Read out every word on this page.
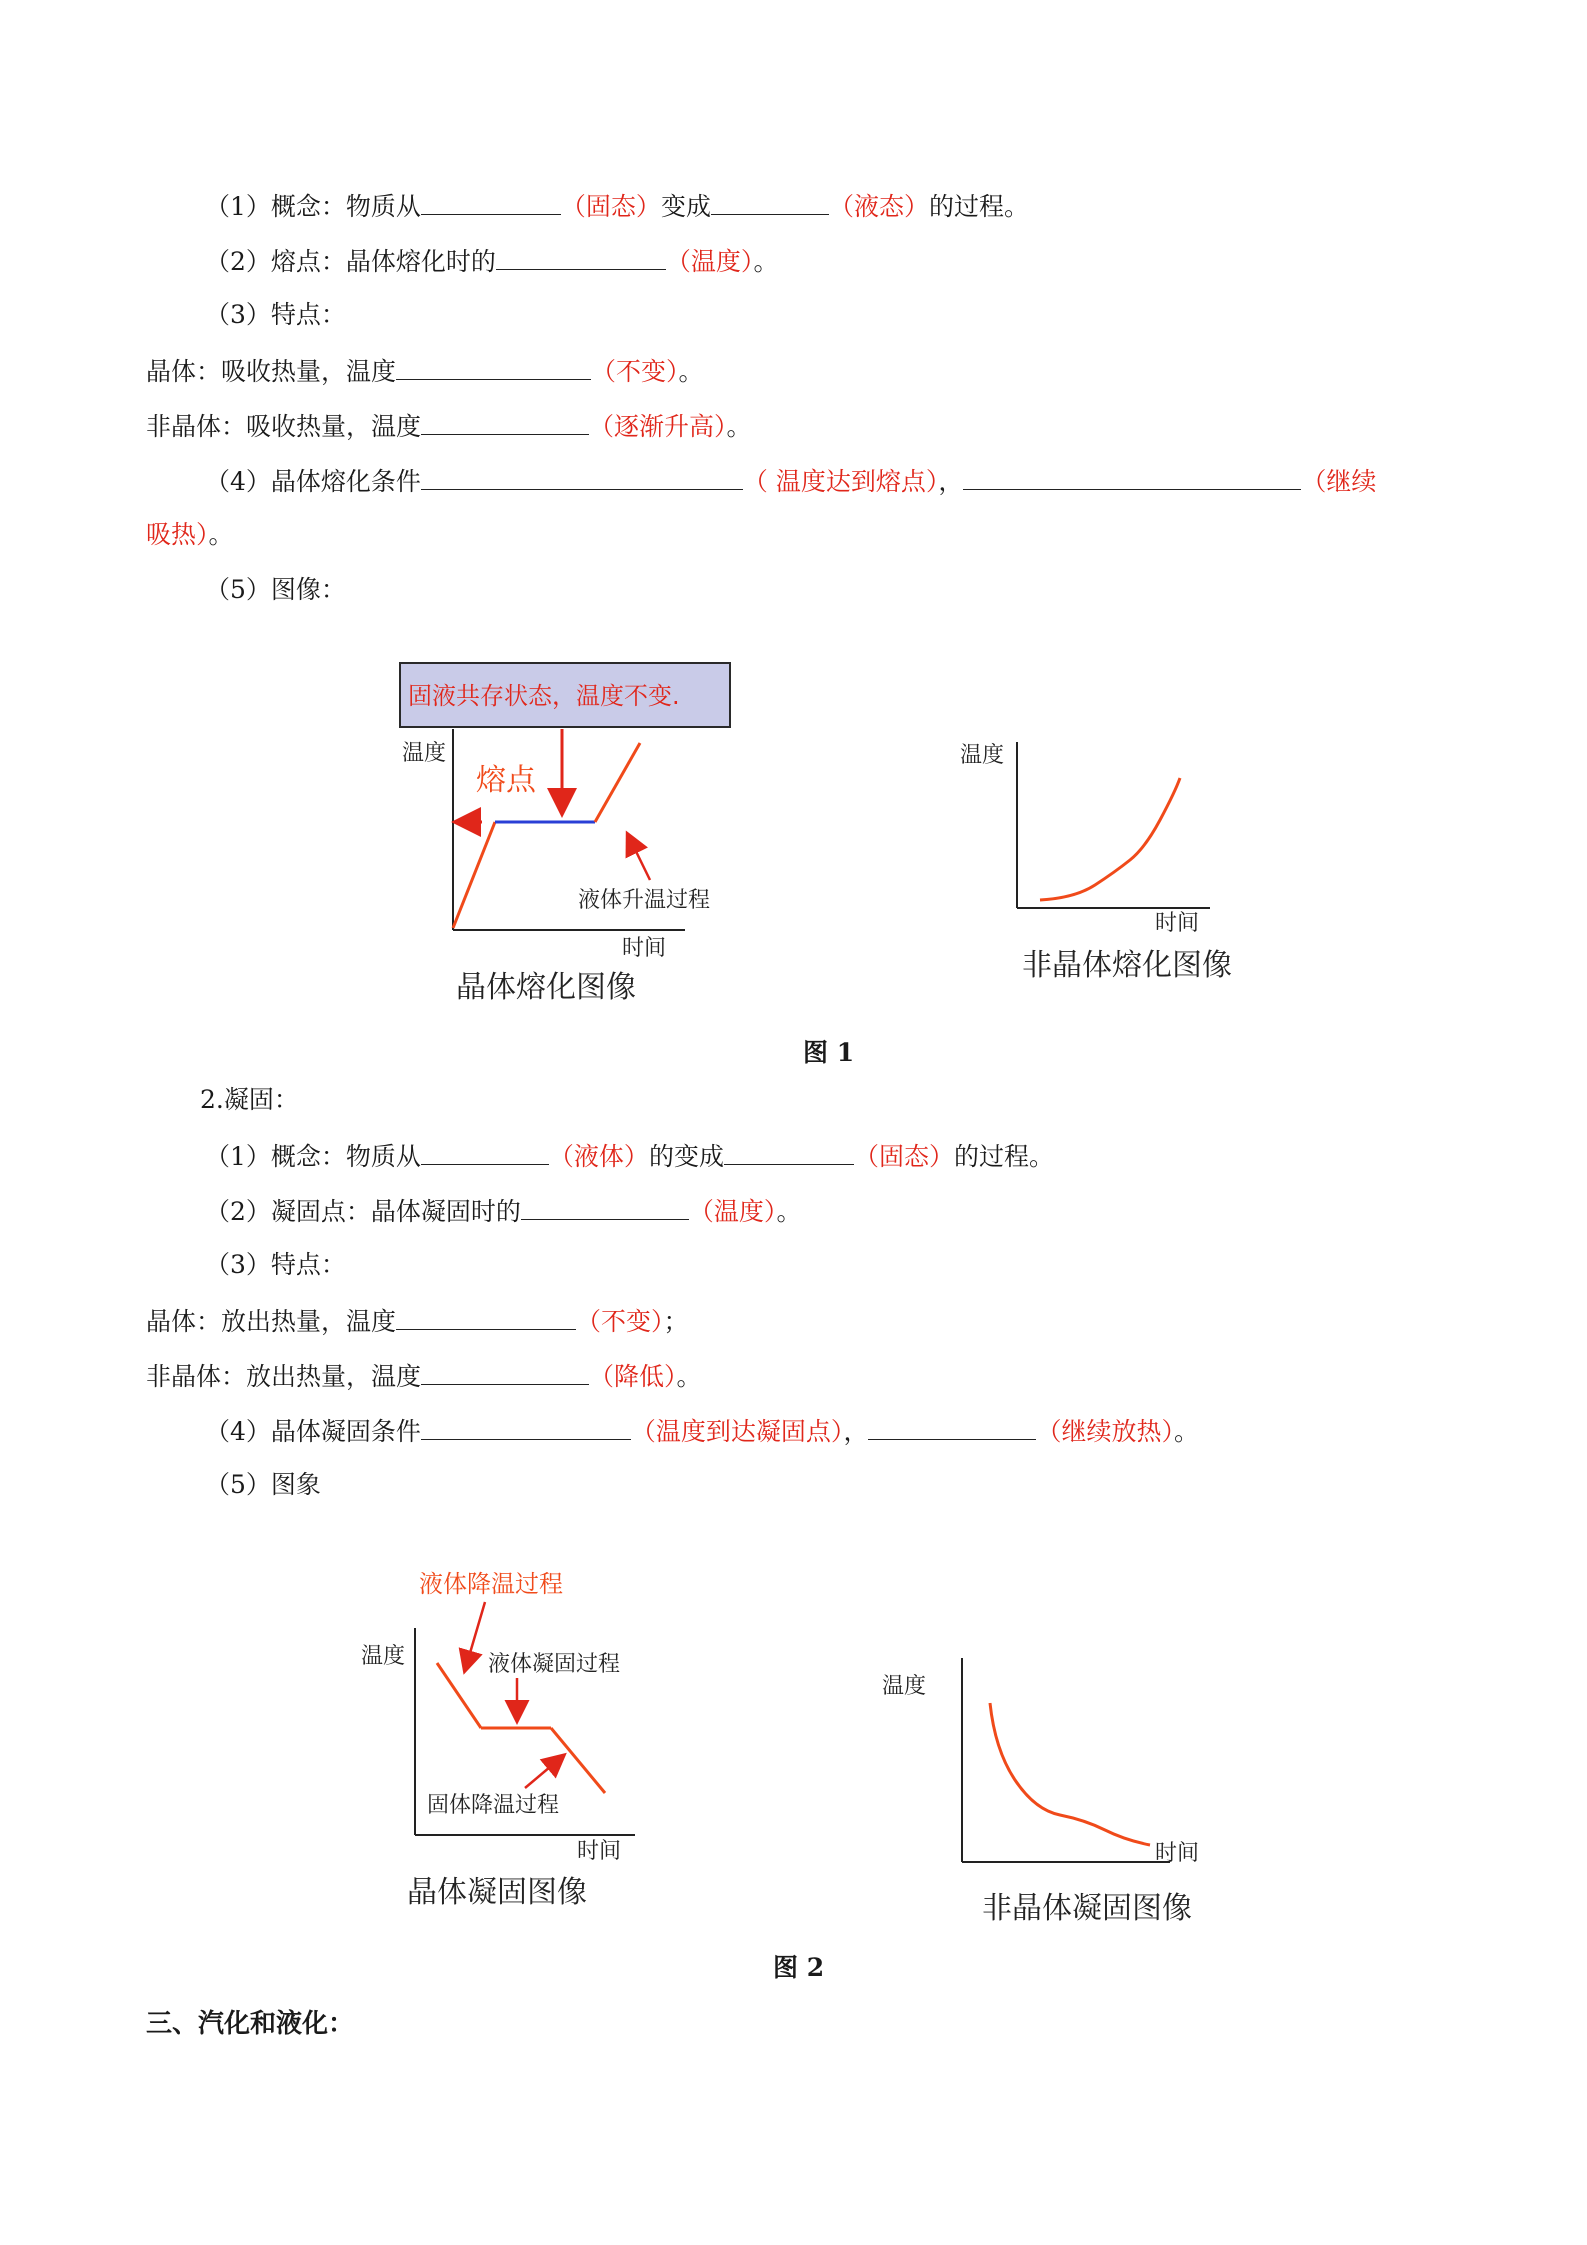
（1）概念：物质从	（固态）变成	（液态）的过程。
（2）熔点：晶体熔化时的	（温度）。
（3）特点：
晶体：吸收热量，温度	（不变）。
非晶体：吸收热量，温度	（逐渐升高）。
（4）晶体熔化条件	（ 温度达到熔点），	（继续
吸热）。
（5）图像：
固液共存状态，温度不变.
温度
时间
熔点
液体升温过程
晶体熔化图像
温度
时间
非晶体熔化图像
图 1
2.凝固：
（1）概念：物质从	（液体）的变成	（固态）的过程。
（2）凝固点：晶体凝固时的	（温度）。
（3）特点：
晶体：放出热量，温度	（不变）；
非晶体：放出热量，温度	（降低）。
（4）晶体凝固条件	（温度到达凝固点），	（继续放热）。
（5）图象
液体降温过程
温度	液体凝固过程
固体降温过程
时间
晶体凝固图像
温度
时间
非晶体凝固图像
图 2
三、汽化和液化：
